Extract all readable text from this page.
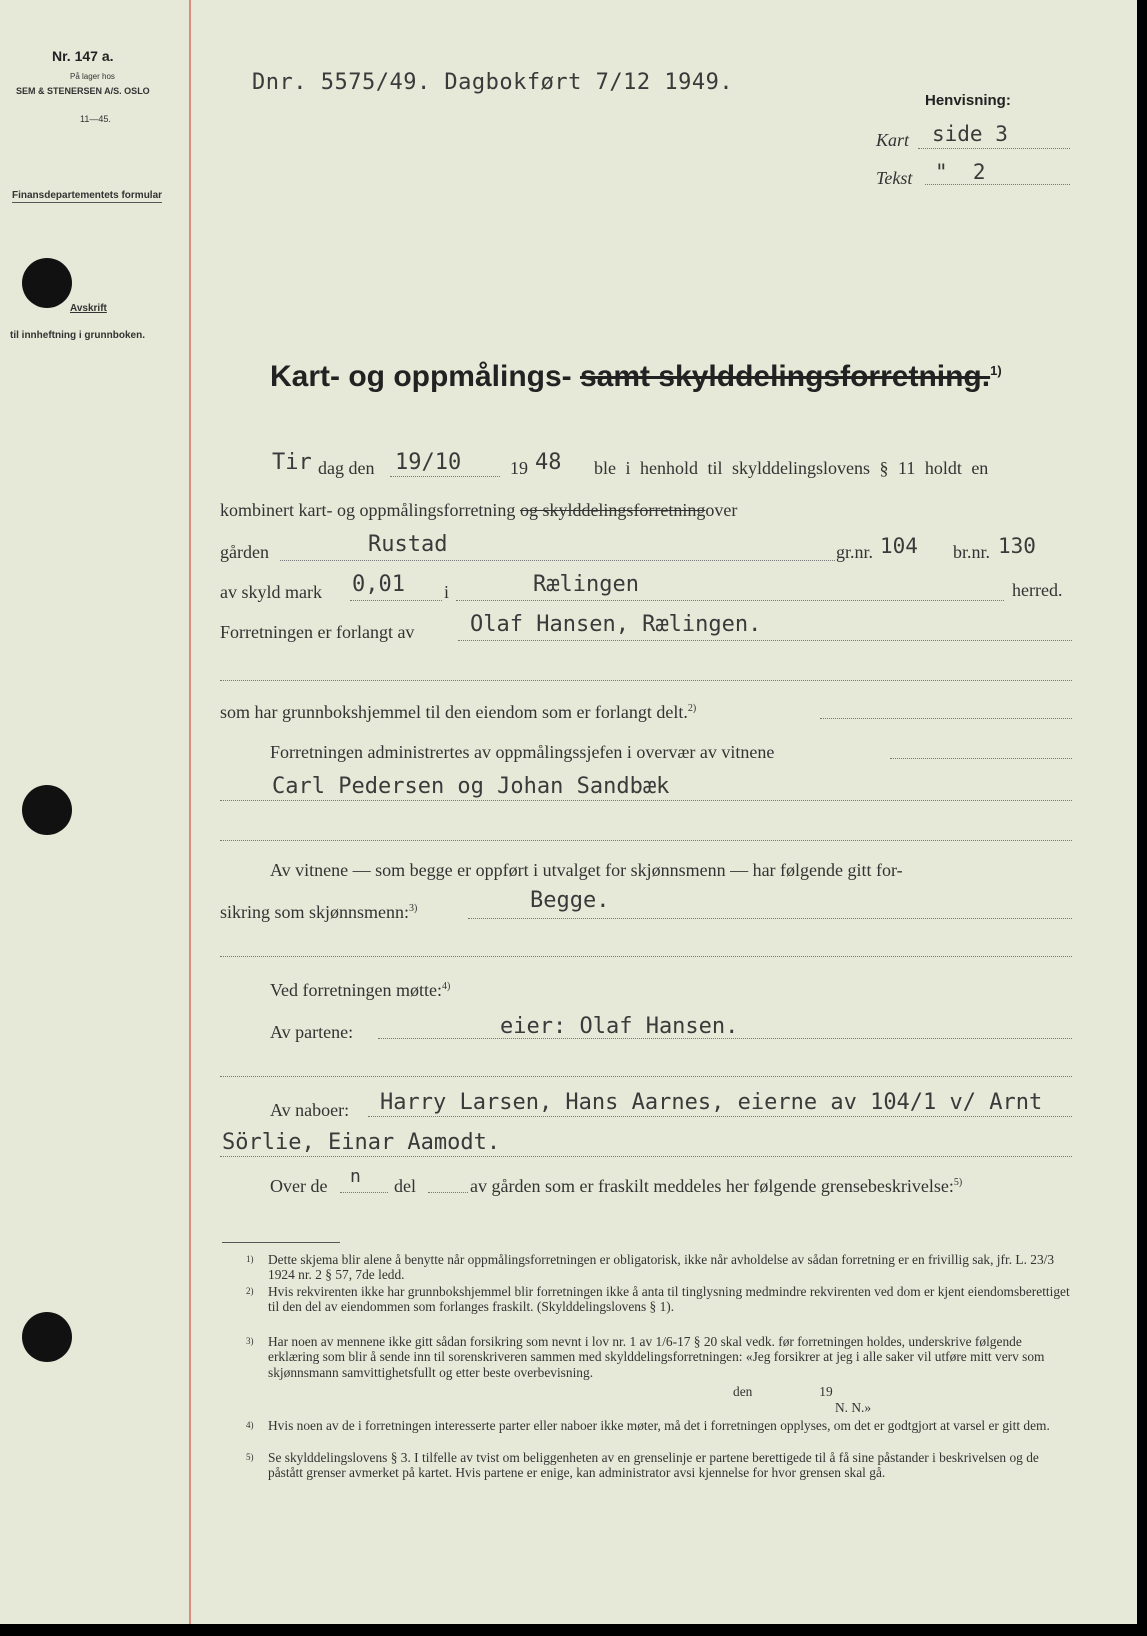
Nr. 147 a.
På lager hos
SEM & STENERSEN A/S. OSLO
11—45.
Finansdepartementets formular
Avskrift
til innheftning i grunnboken.
Dnr. 5575/49. Dagbokført 7/12 1949.
Henvisning:
Kart side 3
Tekst "  2
Kart- og oppmålings- samt skylddelingsforretning.$^{1)}$
Tir dag den 19/10	19 48 ble i henhold til skylddelingslovens § 11 holdt en
kombinert kart- og oppmålingsforretning og skylddelingsforretningover
gården	Rustad	gr.nr. 104 br.nr. 130
av skyld mark 0,01 i	Rælingen	herred.
Forretningen er forlangt av	Olaf Hansen, Rælingen.
som har grunnbokshjemmel til den eiendom som er forlangt delt.$^{2)}$
Forretningen administrertes av oppmålingssjefen i overvær av vitnene
Carl Pedersen og Johan Sandbæk
Av vitnene — som begge er oppført i utvalget for skjønnsmenn — har følgende gitt for-
sikring som skjønnsmenn:$^{3)}$	Begge.
Ved forretningen møtte:$^{4)}$
Av partene:	eier: Olaf Hansen.
Av naboer: Harry Larsen, Hans Aarnes, eierne av 104/1 v/ Arnt
Sörlie, Einar Aamodt.
Over de n del	av gården som er fraskilt meddeles her følgende grensebeskrivelse:$^{5)}$
1) Dette skjema blir alene å benytte når oppmålingsforretningen er obligatorisk, ikke når avholdelse av sådan forretning er en frivillig sak, jfr. L. 23/3 1924 nr. 2 § 57, 7de ledd.
2) Hvis rekvirenten ikke har grunnbokshjemmel blir forretningen ikke å anta til tinglysning medmindre rekvirenten ved dom er kjent eiendomsberettiget til den del av eiendommen som forlanges fraskilt. (Skylddelingslovens § 1).
3) Har noen av mennene ikke gitt sådan forsikring som nevnt i lov nr. 1 av 1/6-17 § 20 skal vedk. før forretningen holdes, underskrive følgende erklæring som blir å sende inn til sorenskriveren sammen med skylddelingsforretningen: «Jeg forsikrer at jeg i alle saker vil utføre mitt verv som skjønnsmann samvittighetsfullt og etter beste overbevisning.
den                    19
N. N.»
4) Hvis noen av de i forretningen interesserte parter eller naboer ikke møter, må det i forretningen opplyses, om det er godtgjort at varsel er gitt dem.
5) Se skylddelingslovens § 3. I tilfelle av tvist om beliggenheten av en grenselinje er partene berettigede til å få sine påstander i beskrivelsen og de påstått grenser avmerket på kartet. Hvis partene er enige, kan administrator avsi kjennelse for hvor grensen skal gå.
